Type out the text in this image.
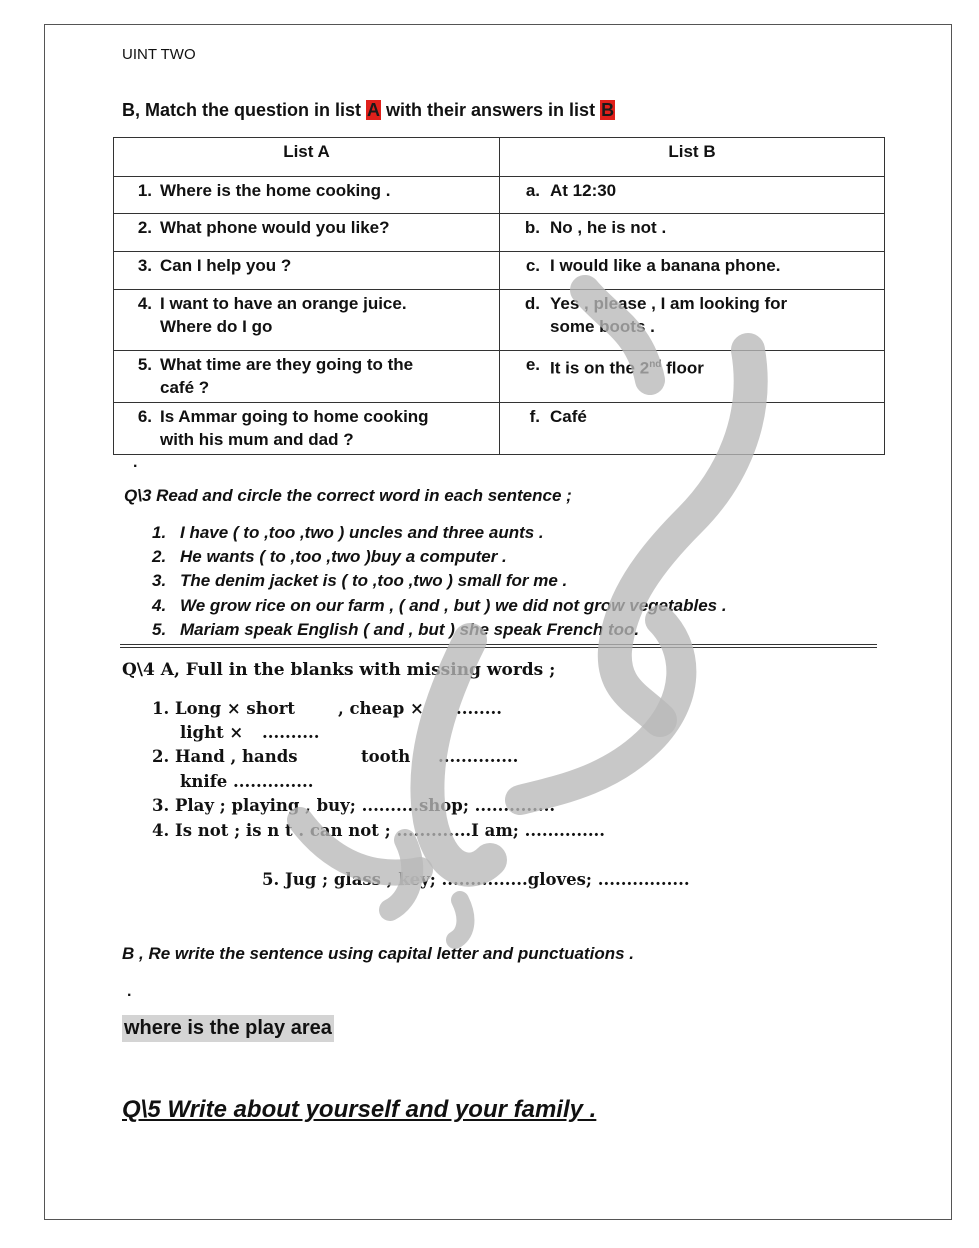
UINT TWO
B, Match the question in list A with their answers in list B
List A	List B

1. Where is the home cooking .	a. At 12:30

2. What phone would you like?	b. No , he is not .

3. Can I help you ?	c. I would like a banana phone.

4. I want to have an orange juice.
Where do I go	d. Yes , please , I am looking for
some boots .

5. What time are they going to the
café ?	e. It is on the 2nd floor

6. Is Ammar going to home cooking
with his mum and dad ?	f. Café
.
Q\3 Read and circle the correct word in each sentence ;
1. I have ( to ,too ,two ) uncles and three aunts .
2. He wants ( to ,too ,two )buy a computer .
3. The denim jacket is ( to ,too ,two ) small for me .
4. We grow rice on our farm , ( and , but ) we did not grow vegetables .
5. Mariam speak English ( and , but ) she speak French too.
Q\4 A, Full in the blanks with missing words ;
1. Long × short	, cheap × ........
light × ..........
2. Hand , hands	tooth ..............
knife ..............
3. Play ; playing , buy; ..........shop; ..............
4. Is not ; is n t . can not ; .............I am; ..............
5. Jug ; glass , key; ...............gloves; ................
B , Re write the sentence using capital letter and punctuations .
.
where is the play area
Q\5 Write about yourself and your family .
